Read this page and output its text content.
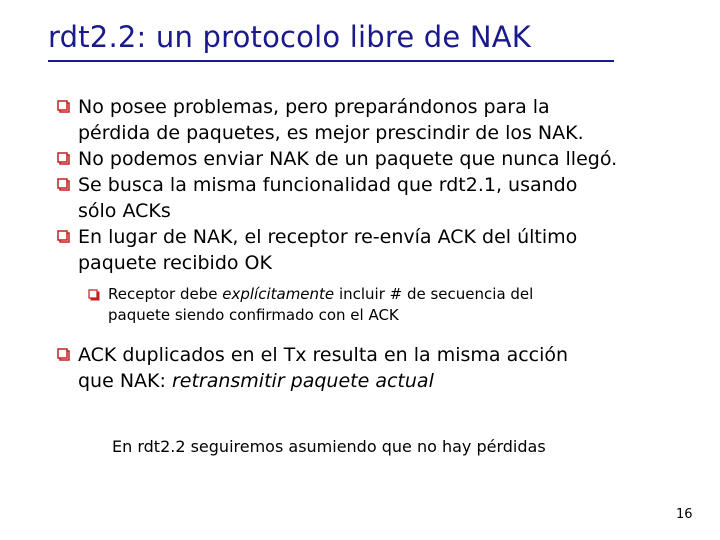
rdt2.2: un protocolo libre de NAK
No posee problemas, pero preparándonos para la
pérdida de paquetes, es mejor prescindir de los NAK.
No podemos enviar NAK de un paquete que nunca llegó.
Se busca la misma funcionalidad que rdt2.1, usando
sólo ACKs
En lugar de NAK, el receptor re-envía ACK del último
paquete recibido OK
Receptor debe explícitamente incluir # de secuencia del
paquete siendo confirmado con el ACK
ACK duplicados en el Tx resulta en la misma acción
que NAK: retransmitir paquete actual
En rdt2.2 seguiremos asumiendo que no hay pérdidas
16
